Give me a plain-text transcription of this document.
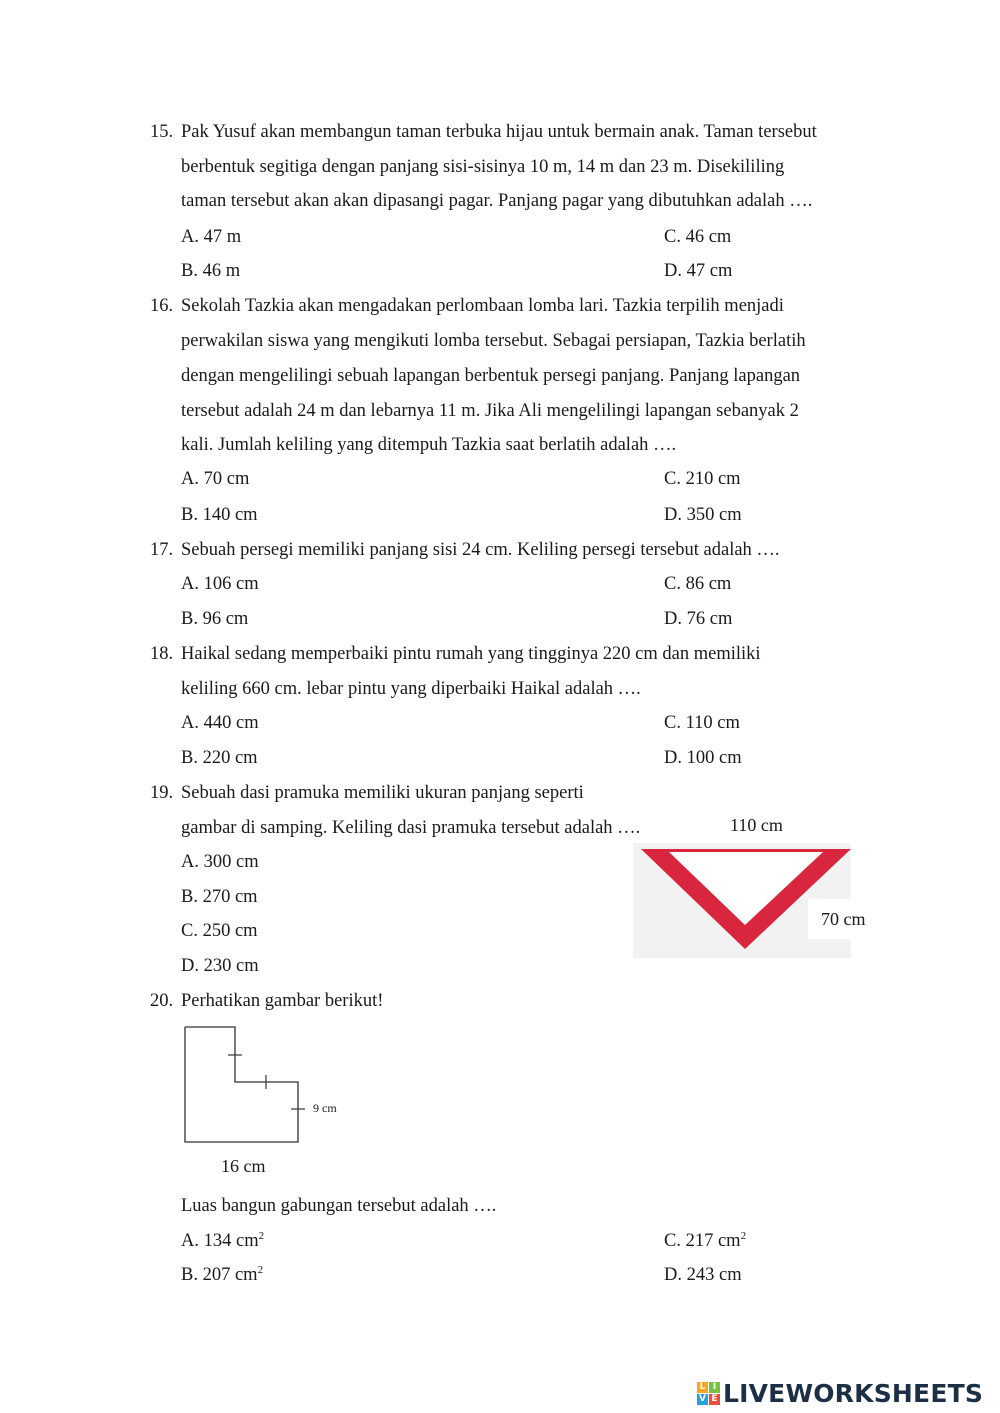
15. Pak Yusuf akan membangun taman terbuka hijau untuk bermain anak. Taman tersebut
berbentuk segitiga dengan panjang sisi-sisinya 10 m, 14 m dan 23 m. Disekililing
taman tersebut akan akan dipasangi pagar. Panjang pagar yang dibutuhkan adalah ….
A. 47 m	C. 46 cm
B. 46 m	D. 47 cm
16. Sekolah Tazkia akan mengadakan perlombaan lomba lari. Tazkia terpilih menjadi
perwakilan siswa yang mengikuti lomba tersebut. Sebagai persiapan, Tazkia berlatih
dengan mengelilingi sebuah lapangan berbentuk persegi panjang. Panjang lapangan
tersebut adalah 24 m dan lebarnya 11 m. Jika Ali mengelilingi lapangan sebanyak 2
kali. Jumlah keliling yang ditempuh Tazkia saat berlatih adalah ….
A. 70 cm	C. 210 cm
B. 140 cm	D. 350 cm
17. Sebuah persegi memiliki panjang sisi 24 cm. Keliling persegi tersebut adalah ….
A. 106 cm	C. 86 cm
B. 96 cm	D. 76 cm
18. Haikal sedang memperbaiki pintu rumah yang tingginya 220 cm dan memiliki
keliling 660 cm. lebar pintu yang diperbaiki Haikal adalah ….
A. 440 cm	C. 110 cm
B. 220 cm	D. 100 cm
19. Sebuah dasi pramuka memiliki ukuran panjang seperti
gambar di samping. Keliling dasi pramuka tersebut adalah ….
A. 300 cm
B. 270 cm
C. 250 cm
D. 230 cm
110 cm
70 cm
20. Perhatikan gambar berikut!
9 cm
16 cm
Luas bangun gabungan tersebut adalah ….
A. 134 $cm^2$	C. 217 $cm^2$
B. 207 $cm^2$	D. 243 cm
L I
V E LIVEWORKSHEETS
